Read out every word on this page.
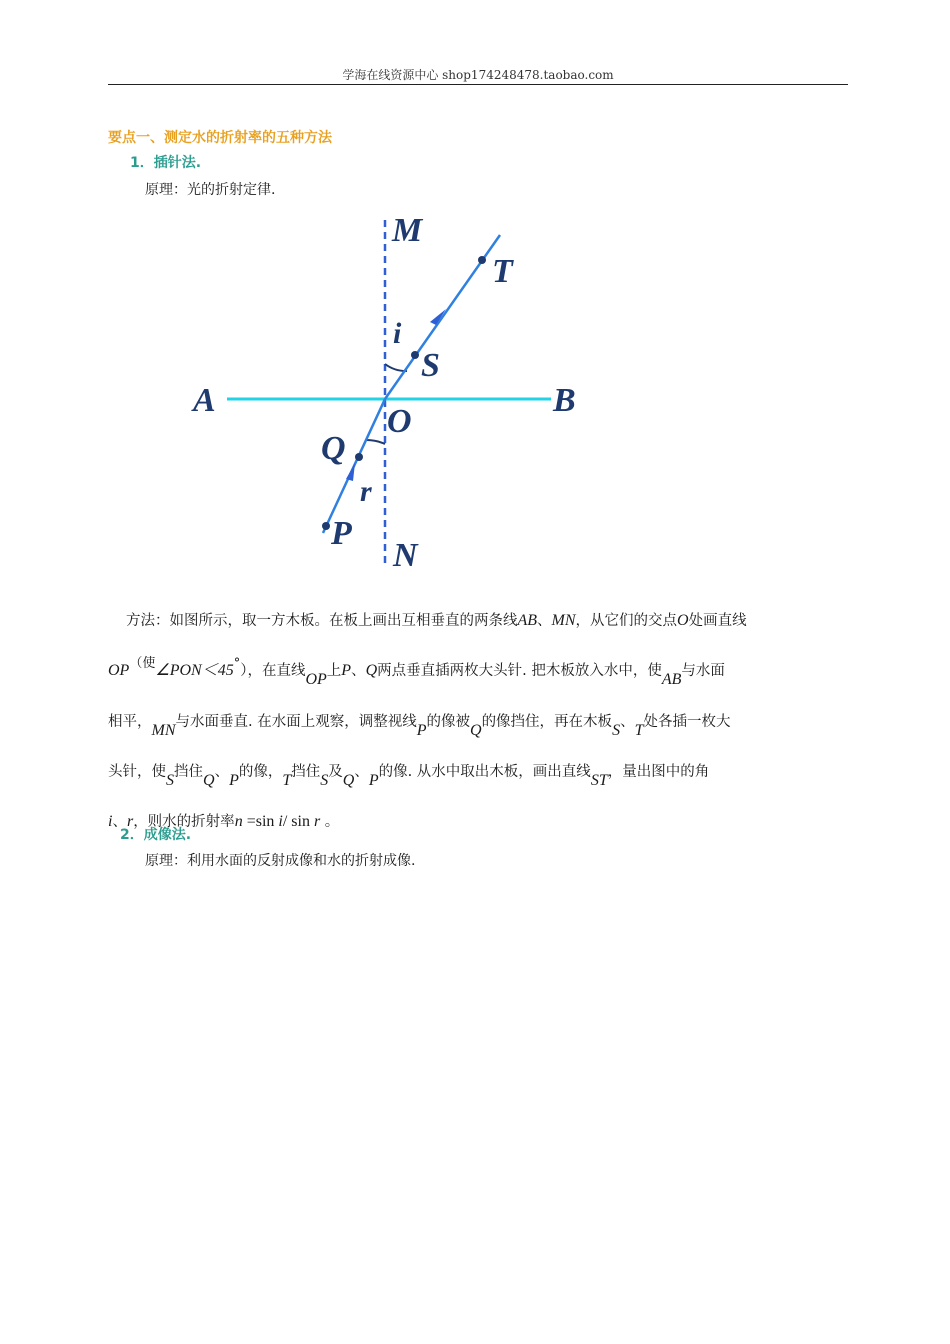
学海在线资源中心 shop174248478.taobao.com
要点一、测定水的折射率的五种方法
1．插针法.
原理：光的折射定律.
M
N
A	B
O
T
S
Q
P
i
r

方法：如图所示，取一方木板。在板上画出互相垂直的两条线AB、MN，从它们的交点O处画直线

OP（使∠PON＜45°），在直线OP上P、Q两点垂直插两枚大头针. 把木板放入水中，使AB与水面

相平，MN与水面垂直. 在水面上观察，调整视线P的像被Q的像挡住，再在木板S、T处各插一枚大

头针，使S挡住Q、P的像，T挡住S及Q、P的像. 从水中取出木板，画出直线ST，量出图中的角

i、r，则水的折射率n =sin i/ sin r 。

2．成像法.
原理：利用水面的反射成像和水的折射成像.
